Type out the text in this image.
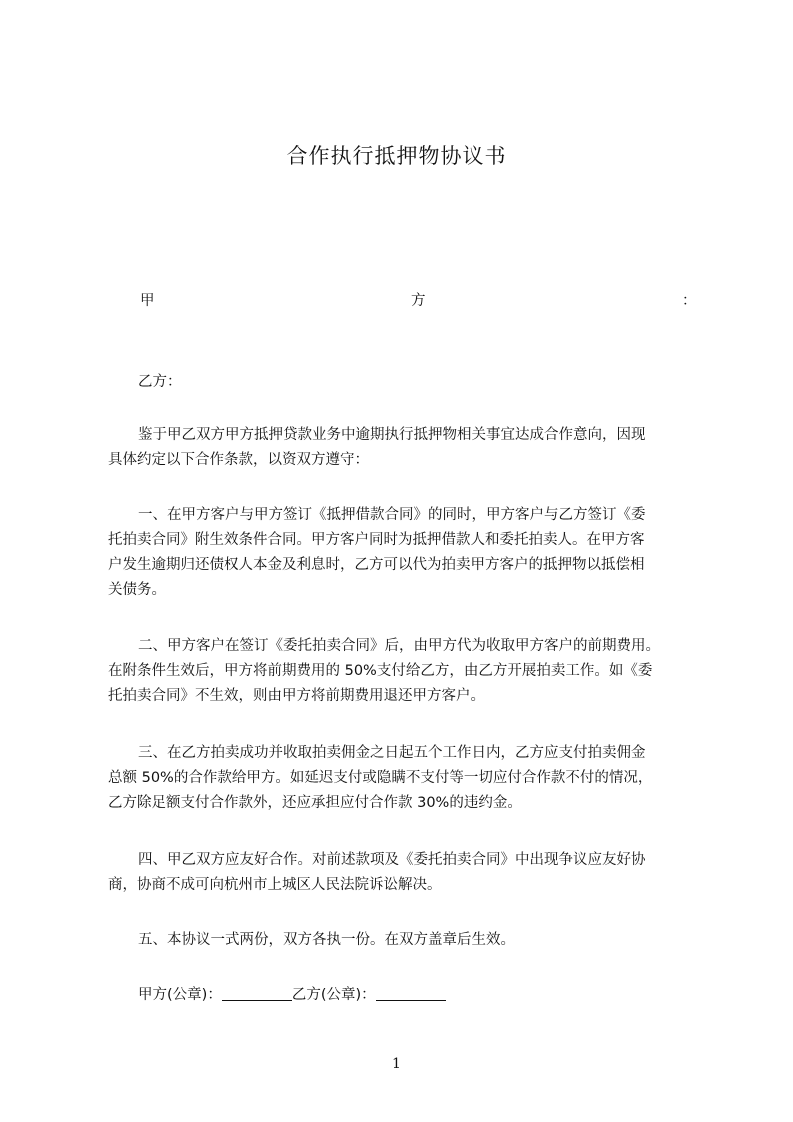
合作执行抵押物协议书
甲	方	：
乙方：
鉴于甲乙双方甲方抵押贷款业务中逾期执行抵押物相关事宜达成合作意向，因现
具体约定以下合作条款，以资双方遵守：
一、在甲方客户与甲方签订《抵押借款合同》的同时，甲方客户与乙方签订《委
托拍卖合同》附生效条件合同。甲方客户同时为抵押借款人和委托拍卖人。在甲方客
户发生逾期归还债权人本金及利息时，乙方可以代为拍卖甲方客户的抵押物以抵偿相
关债务。
二、甲方客户在签订《委托拍卖合同》后，由甲方代为收取甲方客户的前期费用。
在附条件生效后，甲方将前期费用的 50%支付给乙方，由乙方开展拍卖工作。如《委
托拍卖合同》不生效，则由甲方将前期费用退还甲方客户。
三、在乙方拍卖成功并收取拍卖佣金之日起五个工作日内，乙方应支付拍卖佣金
总额 50%的合作款给甲方。如延迟支付或隐瞒不支付等一切应付合作款不付的情况，
乙方除足额支付合作款外，还应承担应付合作款 30%的违约金。
四、甲乙双方应友好合作。对前述款项及《委托拍卖合同》中出现争议应友好协
商，协商不成可向杭州市上城区人民法院诉讼解决。
五、本协议一式两份，双方各执一份。在双方盖章后生效。
甲方(公章)：	乙方(公章)：
1
